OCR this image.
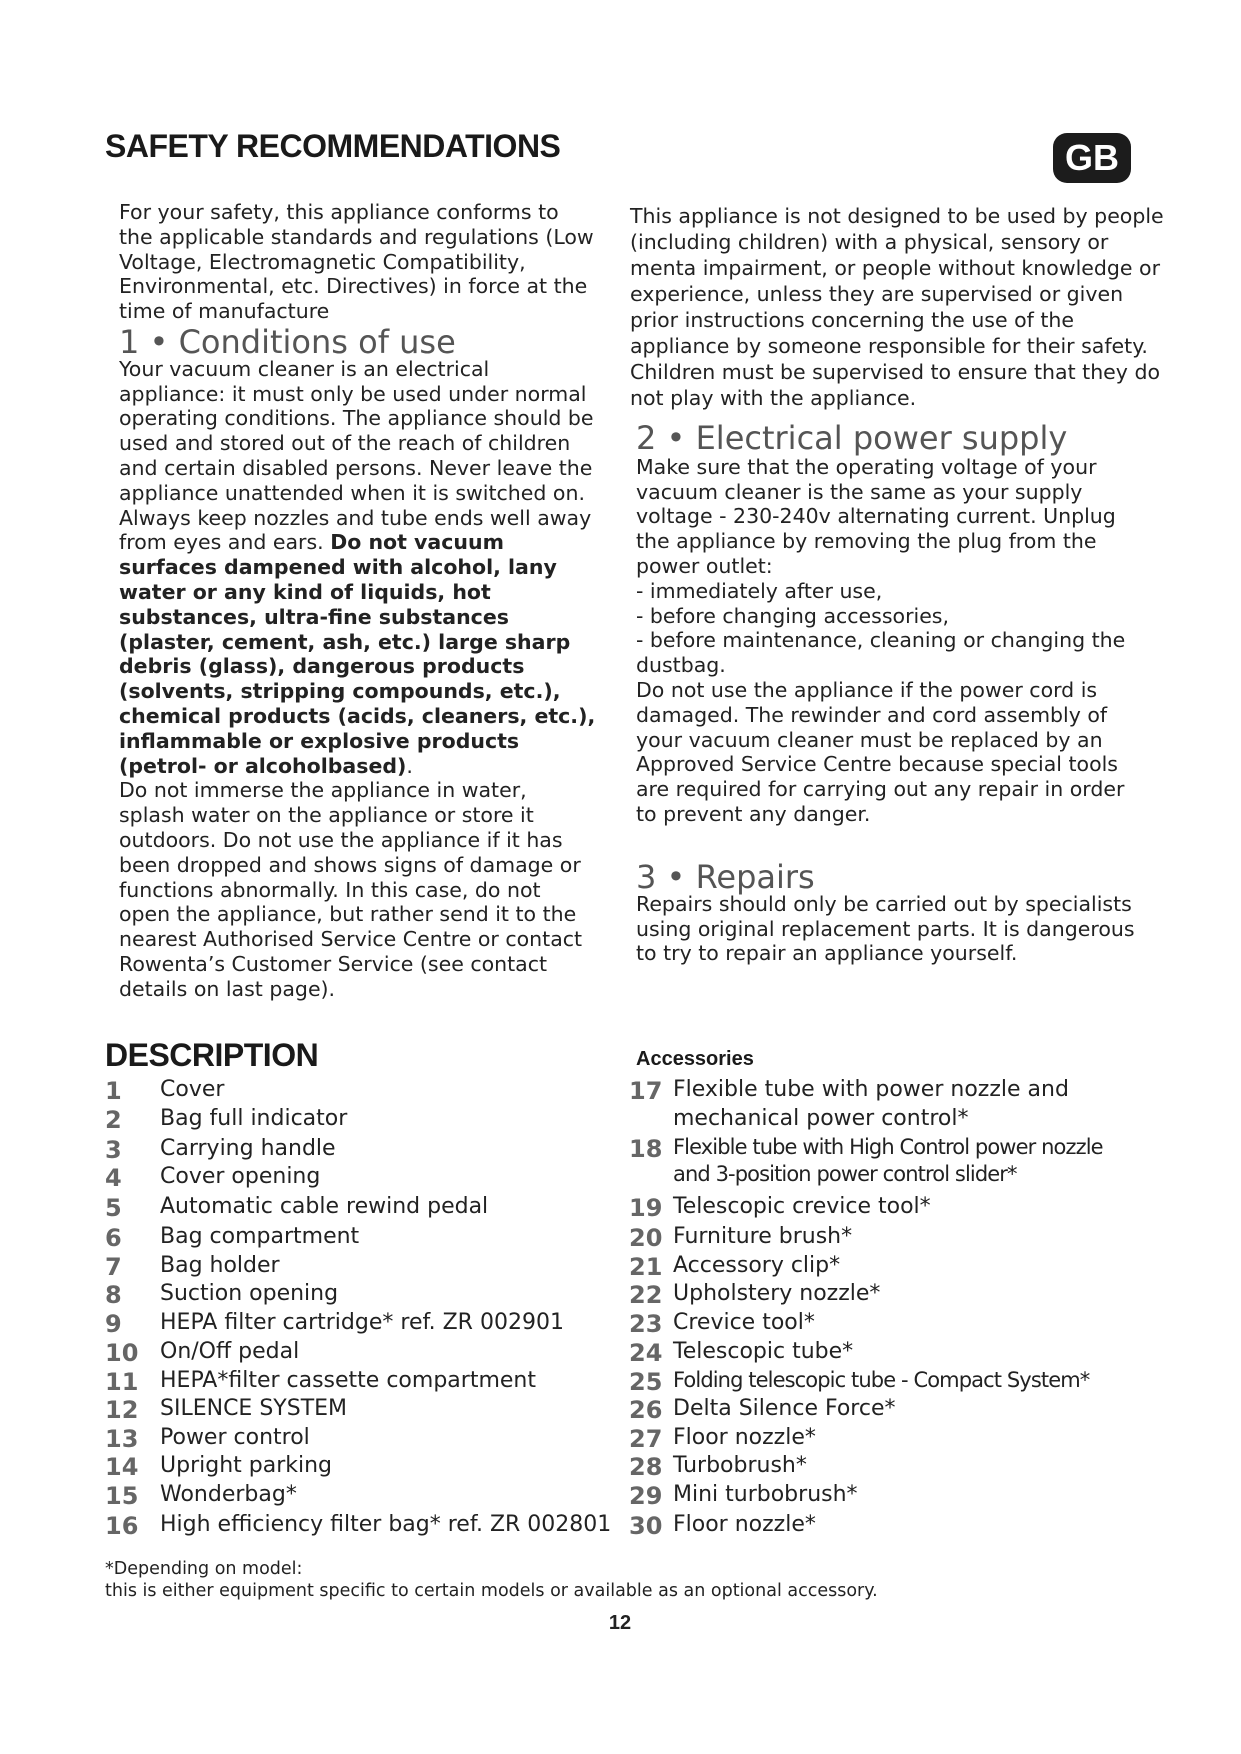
SAFETY RECOMMENDATIONS	GB

For your safety, this appliance conforms to the applicable standards and regulations (Low Voltage, Electromagnetic Compatibility, Environmental, etc. Directives) in force at the time of manufacture

1 • Conditions of use

Your vacuum cleaner is an electrical appliance: it must only be used under normal operating conditions. The appliance should be used and stored out of the reach of children and certain disabled persons. Never leave the appliance unattended when it is switched on. Always keep nozzles and tube ends well away from eyes and ears. Do not vacuum surfaces dampened with alcohol, lany water or any kind of liquids, hot substances, ultra-fine substances (plaster, cement, ash, etc.) large sharp debris (glass), dangerous products (solvents, stripping compounds, etc.), chemical products (acids, cleaners, etc.), inflammable or explosive products (petrol- or alcoholbased).

Do not immerse the appliance in water, splash water on the appliance or store it outdoors. Do not use the appliance if it has been dropped and shows signs of damage or functions abnormally. In this case, do not open the appliance, but rather send it to the nearest Authorised Service Centre or contact Rowenta’s Customer Service (see contact details on last page).

This appliance is not designed to be used by people (including children) with a physical, sensory or menta impairment, or people without knowledge or experience, unless they are supervised or given prior instructions concerning the use of the appliance by someone responsible for their safety.

Children must be supervised to ensure that they do not play with the appliance.

2 • Electrical power supply

Make sure that the operating voltage of your vacuum cleaner is the same as your supply voltage - 230-240v alternating current. Unplug the appliance by removing the plug from the power outlet:

- immediately after use,

- before changing accessories,

- before maintenance, cleaning or changing the dustbag.

Do not use the appliance if the power cord is damaged. The rewinder and cord assembly of your vacuum cleaner must be replaced by an Approved Service Centre because special tools are required for carrying out any repair in order to prevent any danger.

3 • Repairs

Repairs should only be carried out by specialists using original replacement parts. It is dangerous to try to repair an appliance yourself.

DESCRIPTION	Accessories
1	Cover
2	Bag full indicator
3	Carrying handle
4	Cover opening
5	Automatic cable rewind pedal
6	Bag compartment
7	Bag holder
8	Suction opening
9	HEPA filter cartridge* ref. ZR 002901
10 On/Off pedal
11 HEPA*filter cassette compartment
12 SILENCE SYSTEM
13 Power control
14 Upright parking
15 Wonderbag*
16 High efficiency filter bag* ref. ZR 002801
17 Flexible tube with power nozzle and
mechanical power control*
18 Flexible tube with High Control power nozzle
and 3-position power control slider*
19 Telescopic crevice tool*
20 Furniture brush*
21 Accessory clip*
22 Upholstery nozzle*
23 Crevice tool*
24 Telescopic tube*
25 Folding telescopic tube - Compact System*
26 Delta Silence Force*
27 Floor nozzle*
28 Turbobrush*
29 Mini turbobrush*
30 Floor nozzle*
*Depending on model:
this is either equipment specific to certain models or available as an optional accessory.
12
